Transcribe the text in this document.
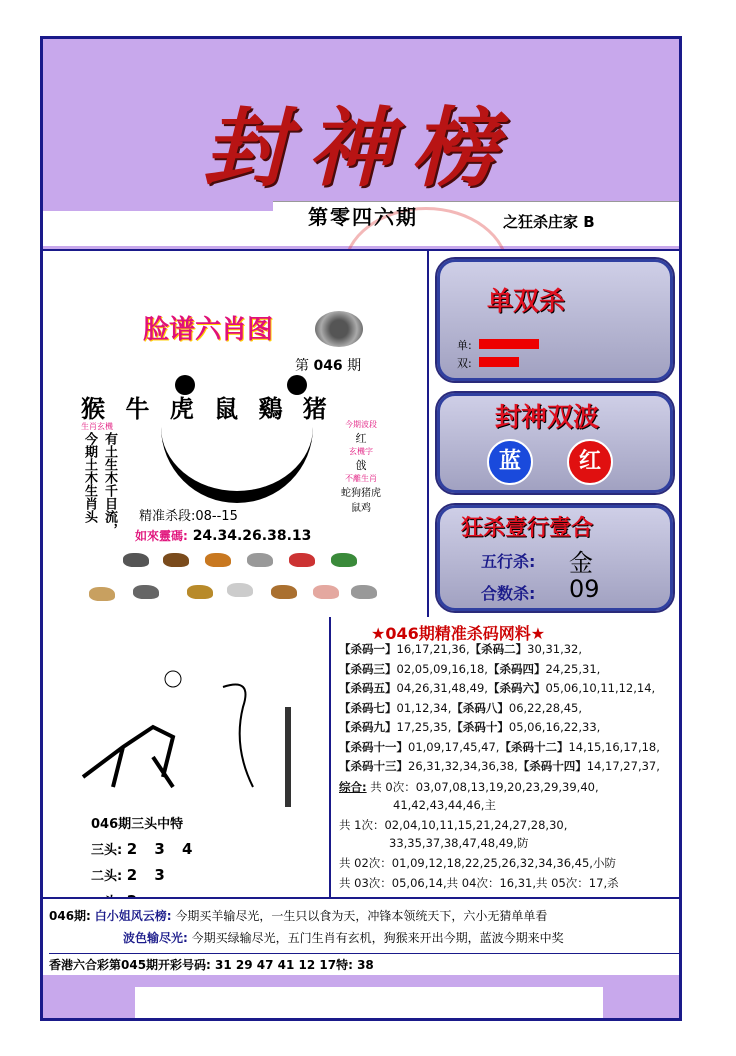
封神榜
第零四六期	之狂杀庄家 B
脸谱六肖图
第 046 期
猴 牛 虎 鼠 鷄 猪
生肖玄機
今期土木生肖头 有土生木千目流，
今期波段
红
玄機字
戗
不離生肖
蛇狗猪虎鼠鸡
精准杀段:08--15
如來靈碼: 24.34.26.38.13
单双杀
单:
双:
封神双波
蓝	红
狂杀壹行壹合
五行杀: 金
合数杀: 09
046期三头中特
三头: 2 3 4
二头: 2 3
★046期精准杀码网料★
【杀码一】16,17,21,36,【杀码二】30,31,32,
【杀码三】02,05,09,16,18,【杀码四】24,25,31,
【杀码五】04,26,31,48,49,【杀码六】05,06,10,11,12,14,
【杀码七】01,12,34,【杀码八】06,22,28,45,
【杀码九】17,25,35,【杀码十】05,06,16,22,33,
【杀码十一】01,09,17,45,47,【杀码十二】14,15,16,17,18,
【杀码十三】26,31,32,34,36,38,【杀码十四】14,17,27,37,
综合: 共 0次：03,07,08,13,19,20,23,29,39,40,
41,42,43,44,46,主
共 1次：02,04,10,11,15,21,24,27,28,30,
33,35,37,38,47,48,49,防
共 02次：01,09,12,18,22,25,26,32,34,36,45,小防
共 03次：05,06,14,共 04次：16,31,共 05次：17,杀
046期: 白小姐风云榜: 今期买羊输尽光，一生只以食为天，冲锋本领统天下，六小无猜单单看
波色输尽光: 今期买绿输尽光，五门生肖有玄机，狗猴来开出今期，蓝波今期来中奖
香港六合彩第045期开彩号码: 31 29 47 41 12 17特: 38
